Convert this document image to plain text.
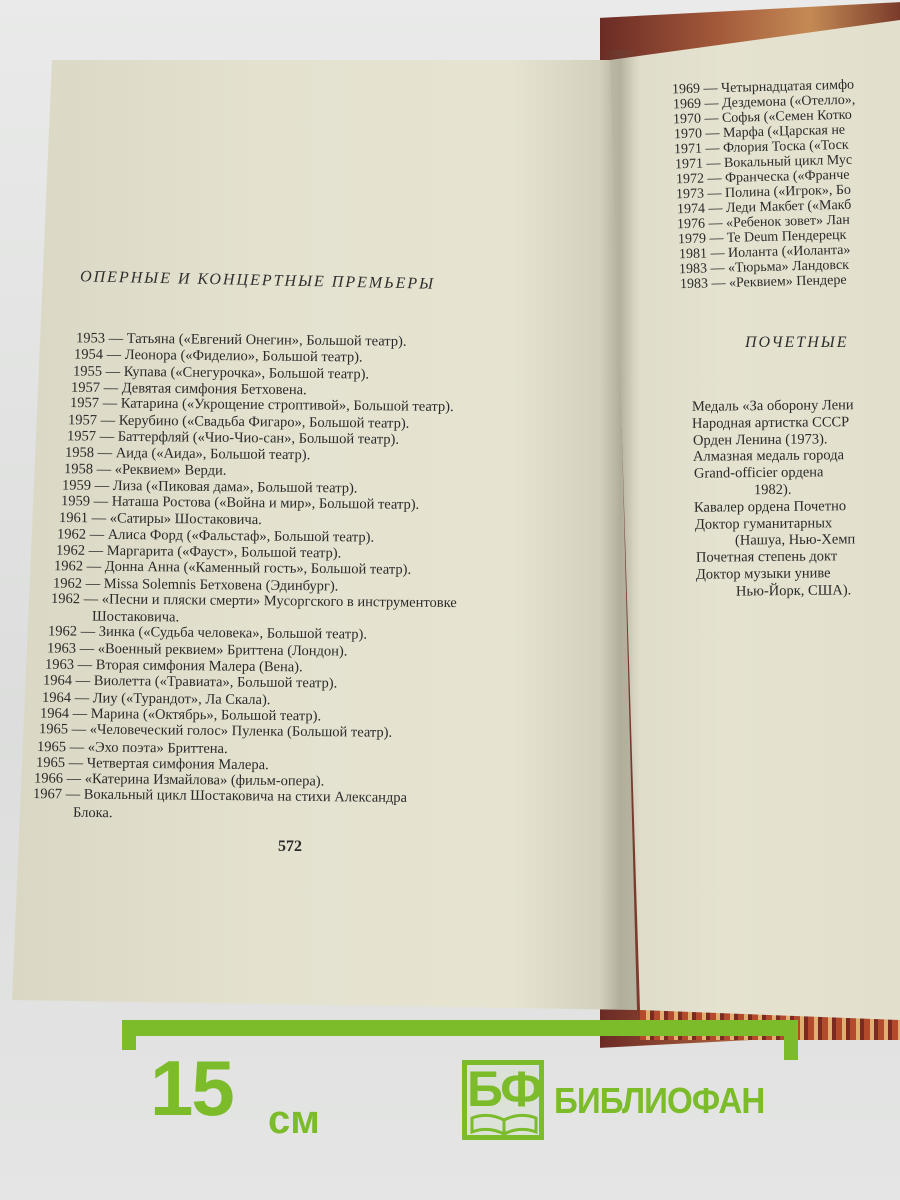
ОПЕРНЫЕ И КОНЦЕРТНЫЕ ПРЕМЬЕРЫ
1953 — Татьяна («Евгений Онегин», Большой театр).
1954 — Леонора («Фиделио», Большой театр).
1955 — Купава («Снегурочка», Большой театр).
1957 — Девятая симфония Бетховена.
1957 — Катарина («Укрощение строптивой», Большой театр).
1957 — Керубино («Свадьба Фигаро», Большой театр).
1957 — Баттерфляй («Чио-Чио-сан», Большой театр).
1958 — Аида («Аида», Большой театр).
1958 — «Реквием» Верди.
1959 — Лиза («Пиковая дама», Большой театр).
1959 — Наташа Ростова («Война и мир», Большой театр).
1961 — «Сатиры» Шостаковича.
1962 — Алиса Форд («Фальстаф», Большой театр).
1962 — Маргарита («Фауст», Большой театр).
1962 — Донна Анна («Каменный гость», Большой театр).
1962 — Missa Solemnis Бетховена (Эдинбург).
1962 — «Песни и пляски смерти» Мусоргского в инструментовке
Шостаковича.
1962 — Зинка («Судьба человека», Большой театр).
1963 — «Военный реквием» Бриттена (Лондон).
1963 — Вторая симфония Малера (Вена).
1964 — Виолетта («Травиата», Большой театр).
1964 — Лиу («Турандот», Ла Скала).
1964 — Марина («Октябрь», Большой театр).
1965 — «Человеческий голос» Пуленка (Большой театр).
1965 — «Эхо поэта» Бриттена.
1965 — Четвертая симфония Малера.
1966 — «Катерина Измайлова» (фильм-опера).
1967 — Вокальный цикл Шостаковича на стихи Александра
Блока.
572
1969 — Четырнадцатая симфо
1969 — Дездемона («Отелло»,
1970 — Софья («Семен Котко
1970 — Марфа («Царская не
1971 — Флория Тоска («Тоск
1971 — Вокальный цикл Мус
1972 — Франческа («Франче
1973 — Полина («Игрок», Бо
1974 — Леди Макбет («Макб
1976 — «Ребенок зовет» Лан
1979 — Te Deum Пендерецк
1981 — Иоланта («Иоланта»
1983 — «Тюрьма» Ландовск
1983 — «Реквием» Пендере
ПОЧЕТНЫЕ
Медаль «За оборону Лени
Народная артистка СССР
Орден Ленина (1973).
Алмазная медаль города
Grand-officier ордена
1982).
Кавалер ордена Почетно
Доктор гуманитарных
(Нашуа, Нью-Хемп
Почетная степень докт
Доктор музыки униве
Нью-Йорк, США).
15 см
БФ БИБЛИОФАН
